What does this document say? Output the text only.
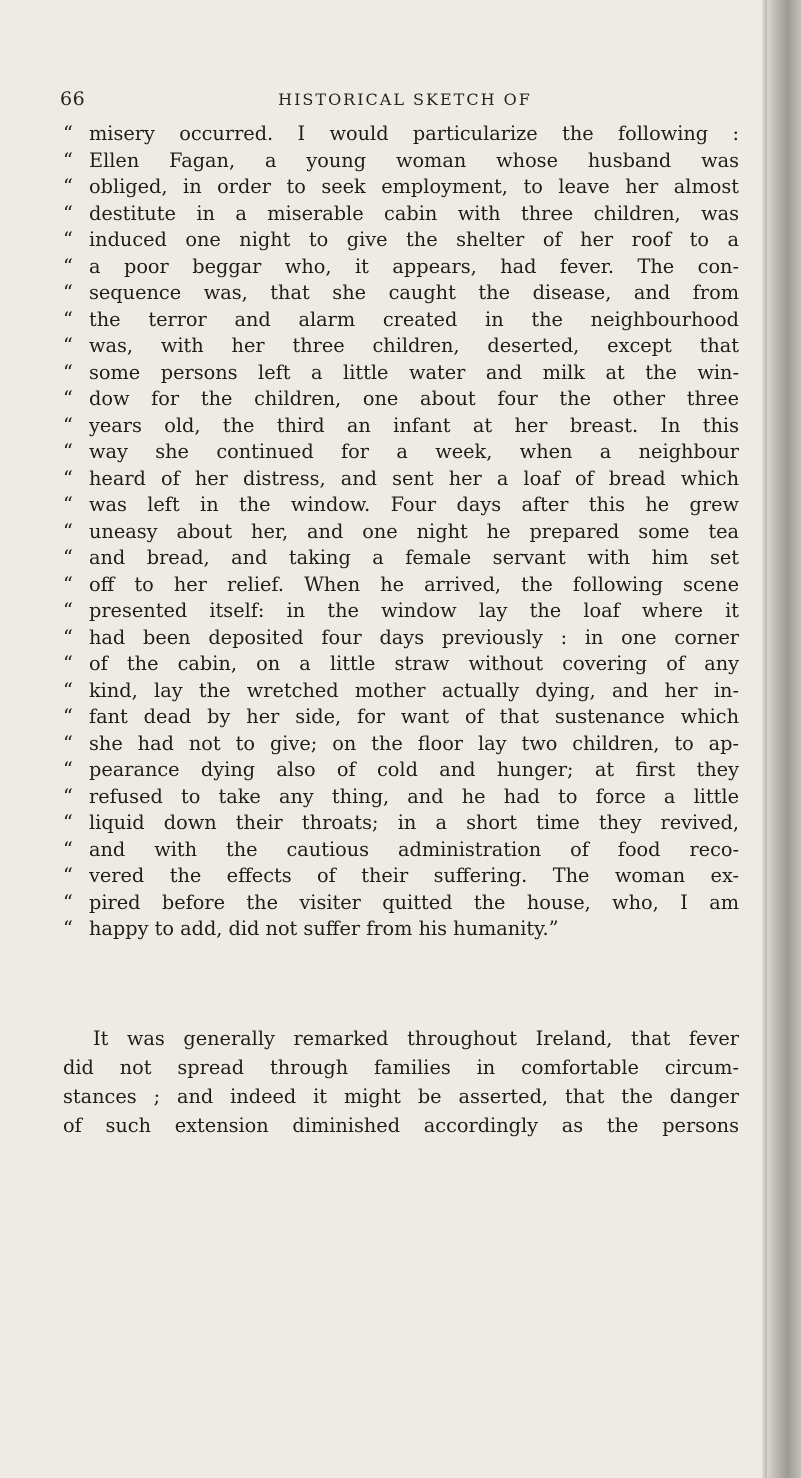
66	HISTORICAL SKETCH OF
“ misery occurred. I would particularize the following :
“ Ellen Fagan, a young woman whose husband was
“ obliged, in order to seek employment, to leave her almost
“ destitute in a miserable cabin with three children, was
“ induced one night to give the shelter of her roof to a
“ a poor beggar who, it appears, had fever. The con-
“ sequence was, that she caught the disease, and from
“ the terror and alarm created in the neighbourhood
“ was, with her three children, deserted, except that
“ some persons left a little water and milk at the win-
“ dow for the children, one about four the other three
“ years old, the third an infant at her breast. In this
“ way she continued for a week, when a neighbour
“ heard of her distress, and sent her a loaf of bread which
“ was left in the window. Four days after this he grew
“ uneasy about her, and one night he prepared some tea
“ and bread, and taking a female servant with him set
“ off to her relief. When he arrived, the following scene
“ presented itself: in the window lay the loaf where it
“ had been deposited four days previously : in one corner
“ of the cabin, on a little straw without covering of any
“ kind, lay the wretched mother actually dying, and her in-
“ fant dead by her side, for want of that sustenance which
“ she had not to give; on the floor lay two children, to ap-
“ pearance dying also of cold and hunger; at first they
“ refused to take any thing, and he had to force a little
“ liquid down their throats; in a short time they revived,
“ and with the cautious administration of food reco-
“ vered the effects of their suffering. The woman ex-
“ pired before the visiter quitted the house, who, I am
“ happy to add, did not suffer from his humanity.”
It was generally remarked throughout Ireland, that fever
did not spread through families in comfortable circum-
stances ; and indeed it might be asserted, that the danger
of such extension diminished accordingly as the persons
